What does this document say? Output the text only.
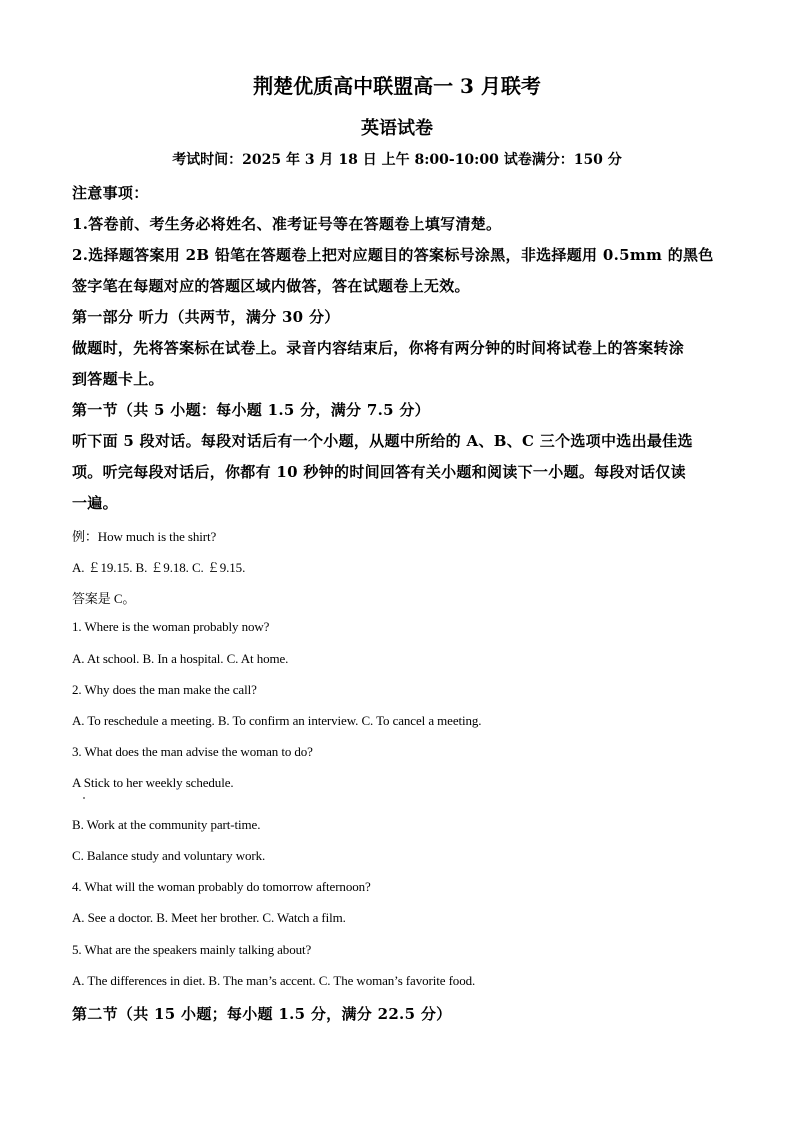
荆楚优质高中联盟高一 3 月联考
英语试卷
考试时间：2025 年 3 月 18 日 上午 8:00-10:00 试卷满分：150 分
注意事项：
1.答卷前、考生务必将姓名、准考证号等在答题卷上填写清楚。
2.选择题答案用 2B 铅笔在答题卷上把对应题目的答案标号涂黑，非选择题用 0.5mm 的黑色
签字笔在每题对应的答题区域内做答，答在试题卷上无效。
第一部分 听力（共两节，满分 30 分）
做题时，先将答案标在试卷上。录音内容结束后，你将有两分钟的时间将试卷上的答案转涂
到答题卡上。
第一节（共 5 小题：每小题 1.5 分，满分 7.5 分）
听下面 5 段对话。每段对话后有一个小题，从题中所给的 A、B、C 三个选项中选出最佳选
项。听完每段对话后，你都有 10 秒钟的时间回答有关小题和阅读下一小题。每段对话仅读
一遍。
例：How much is the shirt?
A. ￡19.15. B. ￡9.18. C. ￡9.15.
答案是 C。
1. Where is the woman probably now?
A. At school. B. In a hospital. C. At home.
2. Why does the man make the call?
A. To reschedule a meeting. B. To confirm an interview. C. To cancel a meeting.
3. What does the man advise the woman to do?
A Stick to her weekly schedule.
B. Work at the community part-time.
C. Balance study and voluntary work.
4. What will the woman probably do tomorrow afternoon?
A. See a doctor. B. Meet her brother. C. Watch a film.
5. What are the speakers mainly talking about?
A. The differences in diet. B. The man’s accent. C. The woman’s favorite food.
第二节（共 15 小题；每小题 1.5 分，满分 22.5 分）
